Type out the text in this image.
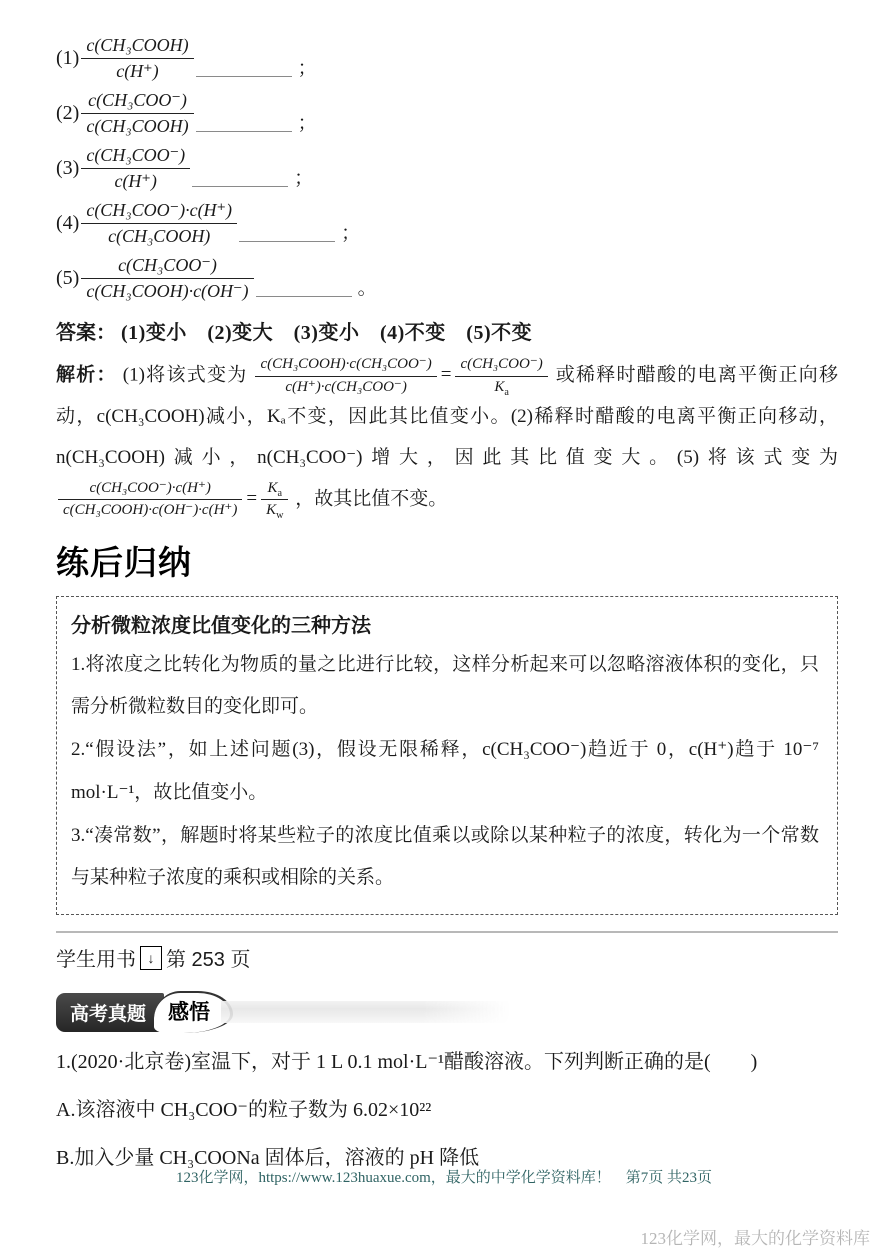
$(1) \frac{\text{c(CH₃COOH)}}{c(H^+)}$	；
$(2) \frac{\text{c(CH₃COO⁻)}}{\text{c(CH₃COOH)}}$	；
$(3) \frac{\text{c(CH₃COO⁻)}}{c(H^+)}$	；
$(4) \frac{\text{c(CH₃COO⁻)·c(H⁺)}}{\text{c(CH₃COOH)}}$	；
$(5) \frac{\text{c(CH₃COO⁻)}}{\text{c(CH₃COOH)·c(OH⁻)}}$	。

答案： (1)变小　(2)变大　(3)变小　(4)不变　(5)不变

解析： (1)将该式变为 $\frac{\text{c(CH₃COOH)·c(CH₃COO⁻)}}{\text{c(H⁺)·c(CH₃COO⁻)}} = \frac{\text{c(CH₃COO⁻)}}{K_a}$ 或稀释时醋酸的电离平衡正向移动，c(CH₃COOH)减小，Kₐ不变，因此其比值变小。(2)稀释时醋酸的电离平衡正向移动，n(CH₃COOH)减小，n(CH₃COO⁻)增大，因此其比值变大。(5)将该式变为
$\frac{\text{c(CH₃COO⁻)·c(H⁺)}}{\text{c(CH₃COOH)·c(OH⁻)·c(H⁺)}} = \frac{K_a}{K_w}$ ，故其比值不变。
练后归纳

分析微粒浓度比值变化的三种方法

1.将浓度之比转化为物质的量之比进行比较，这样分析起来可以忽略溶液体积的变化，只需分析微粒数目的变化即可。

2.“假设法”，如上述问题(3)，假设无限稀释，c(CH₃COO⁻)趋近于 0，c(H⁺)趋于 10⁻⁷ mol·L⁻¹，故比值变小。

3.“凑常数”，解题时将某些粒子的浓度比值乘以或除以某种粒子的浓度，转化为一个常数与某种粒子浓度的乘积或相除的关系。

学生用书 ↓ 第 253 页

高考真题	感悟

1.(2020·北京卷)室温下，对于 1 L 0.1 mol·L⁻¹醋酸溶液。下列判断正确的是(　　)

A.该溶液中 CH₃COO⁻的粒子数为 6.02×10²²

B.加入少量 CH₃COONa 固体后，溶液的 pH 降低

123化学网，https://www.123huaxue.com，最大的中学化学资料库！　第7页 共23页

123化学网，最大的化学资料库
